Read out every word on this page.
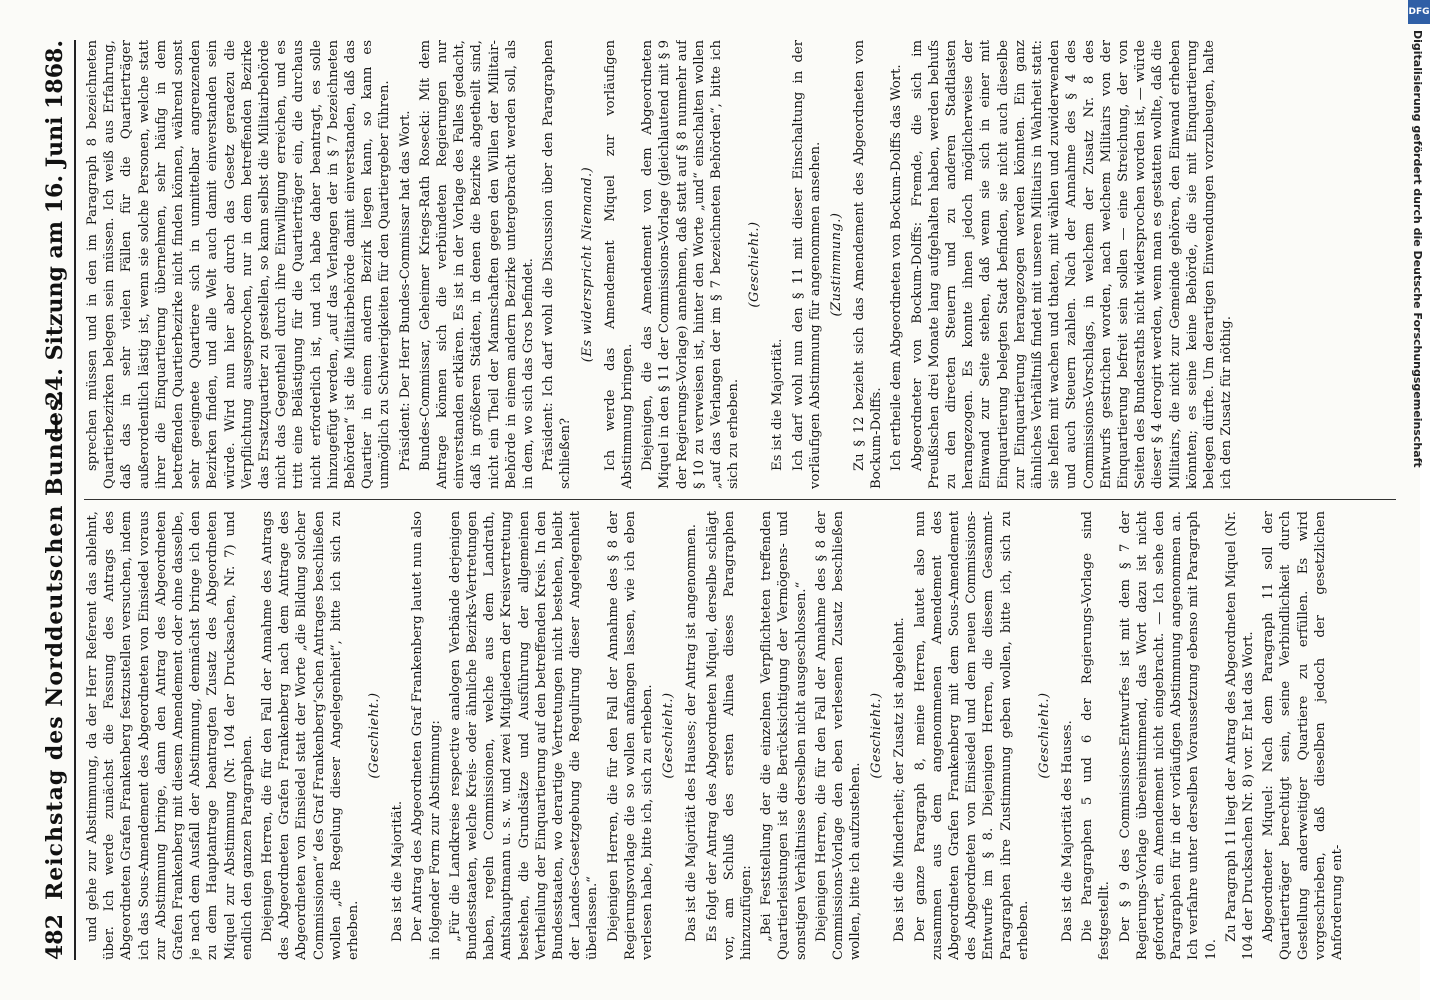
482
Reichstag des Norddeutschen Bundes.
— 24. Sitzung am 16. Juni 1868.

und gehe zur Abstimmung, da der Herr Referent das ablehnt, über. Ich werde zunächst die Fassung des Antrags des Abgeordneten Grafen Frankenberg festzustellen versuchen, indem ich das Sous-Amendement des Abgeordneten von Einsiedel voraus zur Abstimmung bringe, dann den Antrag des Abgeordneten Grafen Frankenberg mit diesem Amendement oder ohne dasselbe, je nach dem Ausfall der Abstimmung, demnächst bringe ich den zu dem Hauptantrage beantragten Zusatz des Abgeordneten Miquel zur Abstimmung (Nr. 104 der Drucksachen, Nr. 7) und endlich den ganzen Paragraphen. Diejenigen Herren, die für den Fall der Annahme des Antrags des Abgeordneten Grafen Frankenberg nach dem Antrage des Abgeordneten von Einsiedel statt der Worte „die Bildung solcher Commissionen“ des Graf Frankenberg’schen Antrages beschließen wollen „die Regelung dieser Angelegenheit“, bitte ich sich zu erheben.

(Geschieht.)

Das ist die Majorität. Der Antrag des Abgeordneten Graf Frankenberg lautet nun also in folgender Form zur Abstimmung: „Für die Landkreise respective analogen Verbände derjenigen Bundesstaaten, welche Kreis- oder ähnliche Bezirks-Vertretungen haben, regeln Commissionen, welche aus dem Landrath, Amtshauptmann u. s. w. und zwei Mitgliedern der Kreisvertretung bestehen, die Grundsätze und Ausführung der allgemeinen Vertheilung der Einquartierung auf den betreffenden Kreis. In den Bundesstaaten, wo derartige Vertretungen nicht bestehen, bleibt der Landes-Gesetzgebung die Regulirung dieser Angelegenheit überlassen.“ Diejenigen Herren, die für den Fall der Annahme des § 8 der Regierungsvorlage die so wollen anfangen lassen, wie ich eben verlesen habe, bitte ich, sich zu erheben. (Geschieht.) Das ist die Majorität des Hauses; der Antrag ist angenommen. Es folgt der Antrag des Abgeordneten Miquel, derselbe schlägt vor, am Schluß des ersten Alinea dieses Paragraphen hinzuzufügen: „Bei Feststellung der die einzelnen Verpflichteten treffenden Quartierleistungen ist die Berücksichtigung der Vermögens- und sonstigen Verhältnisse derselben nicht ausgeschlossen.“ Diejenigen Herren, die für den Fall der Annahme des § 8 der Commissions-Vorlage den eben verlesenen Zusatz beschließen wollen, bitte ich aufzustehen.

(Geschieht.) Das ist die Minderheit; der Zusatz ist abgelehnt. Der ganze Paragraph 8, meine Herren, lautet also nun zusammen aus dem angenommenen Amendement des Abgeordneten Grafen Frankenberg mit dem Sous-Amendement des Abgeordneten von Einsiedel und dem neuen Commissions-Entwurfe im § 8. Diejenigen Herren, die diesem Gesammt-Paragraphen ihre Zustimmung geben wollen, bitte ich, sich zu erheben.

(Geschieht.) Das ist die Majorität des Hauses. Die Paragraphen 5 und 6 der Regierungs-Vorlage sind festgestellt. Der § 9 des Commissions-Entwurfes ist mit dem § 7 der Regierungs-Vorlage übereinstimmend, das Wort dazu ist nicht gefordert, ein Amendement nicht eingebracht. — Ich sehe den Paragraphen für in der vorläufigen Abstimmung angenommen an. Ich verfahre unter derselben Voraussetzung ebenso mit Paragraph 10.

Zu Paragraph 11 liegt der Antrag des Abgeordneten Miquel (Nr. 104 der Drucksachen Nr. 8) vor. Er hat das Wort. Abgeordneter Miquel: Nach dem Paragraph 11 soll der Quartierträger berechtigt sein, seine Verbindlichkeit durch Gestellung anderweitiger Quartiere zu erfüllen. Es wird vorgeschrieben, daß dieselben jedoch der gesetzlichen Anforderung ent-

sprechen müssen und in den im Paragraph 8 bezeichneten Quartierbezirken belegen sein müssen. Ich weiß aus Erfahrung, daß das in sehr vielen Fällen für die Quartierträger außerordentlich lästig ist, wenn sie solche Personen, welche statt ihrer die Einquartierung übernehmen, sehr häufig in dem betreffenden Quartierbezirke nicht finden können, während sonst sehr geeignete Quartiere sich in unmittelbar angrenzenden Bezirken finden, und alle Welt auch damit einverstanden sein würde. Wird nun hier aber durch das Gesetz geradezu die Verpflichtung ausgesprochen, nur in dem betreffenden Bezirke das Ersatzquartier zu gestellen, so kann selbst die Militairbehörde nicht das Gegentheil durch ihre Einwilligung erreichen, und es tritt eine Belästigung für die Quartierträger ein, die durchaus nicht erforderlich ist, und ich habe daher beantragt, es solle hinzugefügt werden, „auf das Verlangen der in § 7 bezeichneten Behörden“ ist die Militairbehörde damit einverstanden, daß das Quartier in einem andern Bezirk liegen kann, so kann es unmöglich zu Schwierigkeiten für den Quartiergeber führen. Präsident: Der Herr Bundes-Commissar hat das Wort. Bundes-Commissar, Geheimer Kriegs-Rath Rosecki: Mit dem Antrage können sich die verbündeten Regierungen nur einverstanden erklären. Es ist in der Vorlage des Falles gedacht, daß in größeren Städten, in denen die Bezirke abgetheilt sind, nicht ein Theil der Mannschaften gegen den Willen der Militair-Behörde in einem andern Bezirke untergebracht werden soll, als in dem, wo sich das Gros befindet. Präsident: Ich darf wohl die Discussion über den Paragraphen schließen?

(Es widerspricht Niemand.) Ich werde das Amendement Miquel zur vorläufigen Abstimmung bringen. Diejenigen, die das Amendement von dem Abgeordneten Miquel in den § 11 der Commissions-Vorlage (gleichlautend mit § 9 der Regierungs-Vorlage) annehmen, daß statt auf § 8 nunmehr auf § 10 zu verweisen ist, hinter den Worte „und“ einschalten wollen „auf das Verlangen der im § 7 bezeichneten Behörden“, bitte ich sich zu erheben.

(Geschieht.)

Es ist die Majorität. Ich darf wohl nun den § 11 mit dieser Einschaltung in der vorläufigen Abstimmung für angenommen ansehen. (Zustimmung.) Zu § 12 bezieht sich das Amendement des Abgeordneten von Bockum-Dolffs. Ich ertheile dem Abgeordneten von Bockum-Dolffs das Wort. Abgeordneter von Bockum-Dolffs: Fremde, die sich im Preußischen drei Monate lang aufgehalten haben, werden behufs zu den directen Steuern und zu anderen Stadtlasten herangezogen. Es konnte ihnen jedoch möglicherweise der Einwand zur Seite stehen, daß wenn sie sich in einer mit Einquartierung belegten Stadt befinden, sie nicht auch dieselbe zur Einquartierung herangezogen werden könnten. Ein ganz ähnliches Verhältniß findet mit unseren Militairs in Wahrheit statt: sie helfen mit wachen und thaten, mit wählen und zuwiderwenden und auch Steuern zahlen. Nach der Annahme des § 4 des Commissions-Vorschlags, in welchem der Zusatz Nr. 8 des Entwurfs gestrichen worden, nach welchem Militairs von der Einquartierung befreit sein sollen — eine Streichung, der von Seiten des Bundesraths nicht widersprochen worden ist, — würde dieser § 4 derogirt werden, wenn man es gestatten wollte, daß die Militairs, die nicht zur Gemeinde gehören, den Einwand erheben könnten; es seine keine Behörde, die sie mit Einquartierung belegen dürfte. Um derartigen Einwendungen vorzubeugen, halte ich den Zusatz für nöthig.	Digitalisierung gefördert durch die Deutsche Forschungsgemeinschaft
DFG
